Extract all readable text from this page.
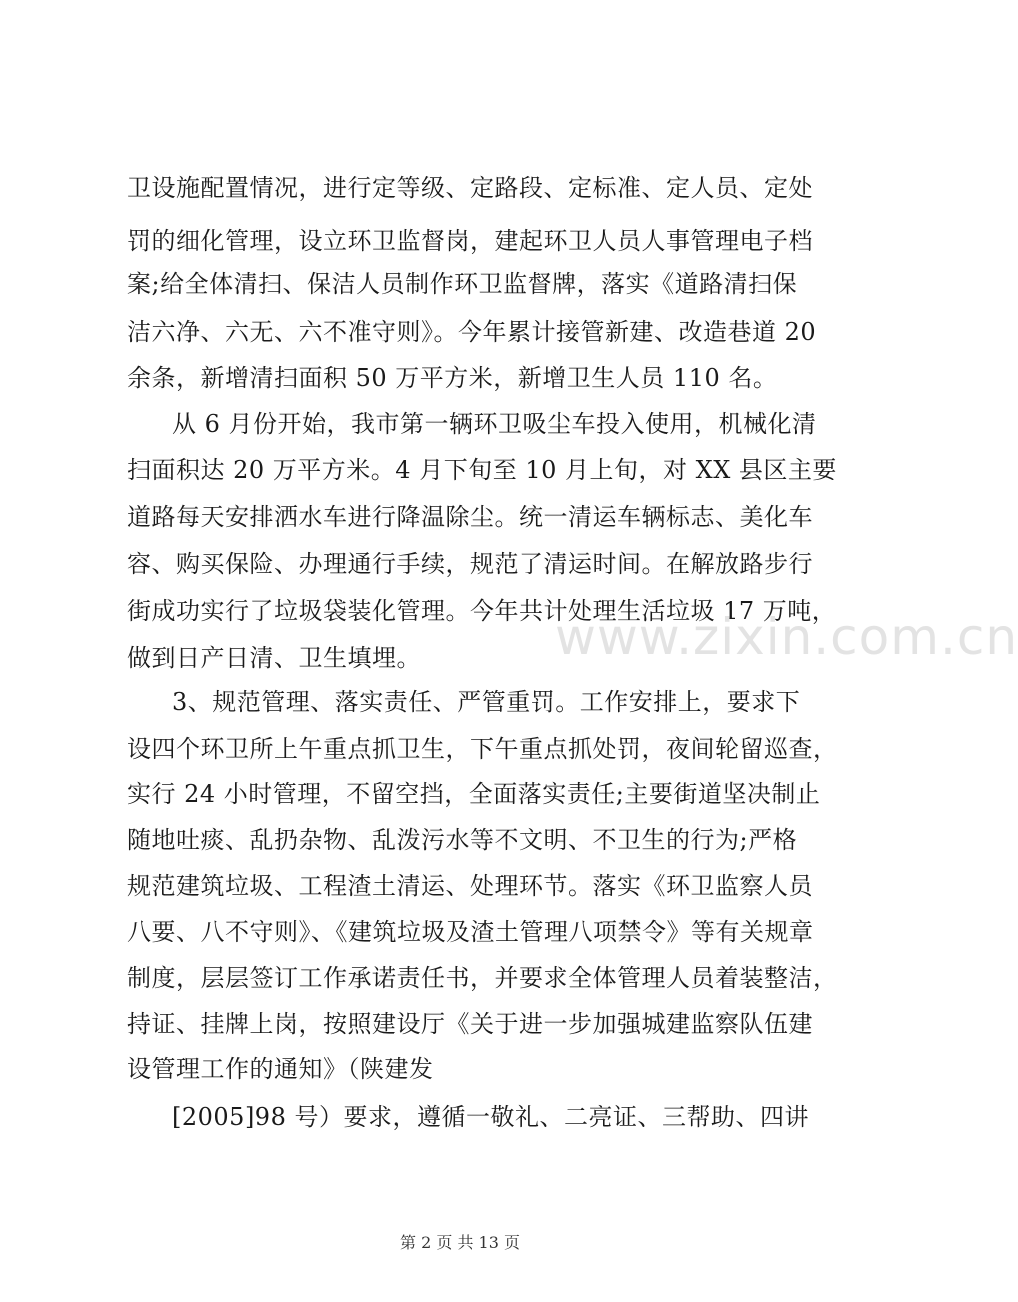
卫设施配置情况，进行定等级、定路段、定标准、定人员、定处
罚的细化管理，设立环卫监督岗，建起环卫人员人事管理电子档
案;给全体清扫、保洁人员制作环卫监督牌，落实《道路清扫保
洁六净、六无、六不准守则》。今年累计接管新建、改造巷道 20
余条，新增清扫面积 50 万平方米，新增卫生人员 110 名。
从 6 月份开始，我市第一辆环卫吸尘车投入使用，机械化清
扫面积达 20 万平方米。4 月下旬至 10 月上旬，对 XX 县区主要
道路每天安排洒水车进行降温除尘。统一清运车辆标志、美化车
容、购买保险、办理通行手续，规范了清运时间。在解放路步行
街成功实行了垃圾袋装化管理。今年共计处理生活垃圾 17 万吨，
做到日产日清、卫生填埋。
3、规范管理、落实责任、严管重罚。工作安排上，要求下
设四个环卫所上午重点抓卫生，下午重点抓处罚，夜间轮留巡查，
实行 24 小时管理，不留空挡，全面落实责任;主要街道坚决制止
随地吐痰、乱扔杂物、乱泼污水等不文明、不卫生的行为;严格
规范建筑垃圾、工程渣土清运、处理环节。落实《环卫监察人员
八要、八不守则》、《建筑垃圾及渣土管理八项禁令》等有关规章
制度，层层签订工作承诺责任书，并要求全体管理人员着装整洁，
持证、挂牌上岗，按照建设厅《关于进一步加强城建监察队伍建
设管理工作的通知》（陕建发
[2005]98 号）要求，遵循一敬礼、二亮证、三帮助、四讲
www.zixin.com.cn
第 2 页 共 13 页
